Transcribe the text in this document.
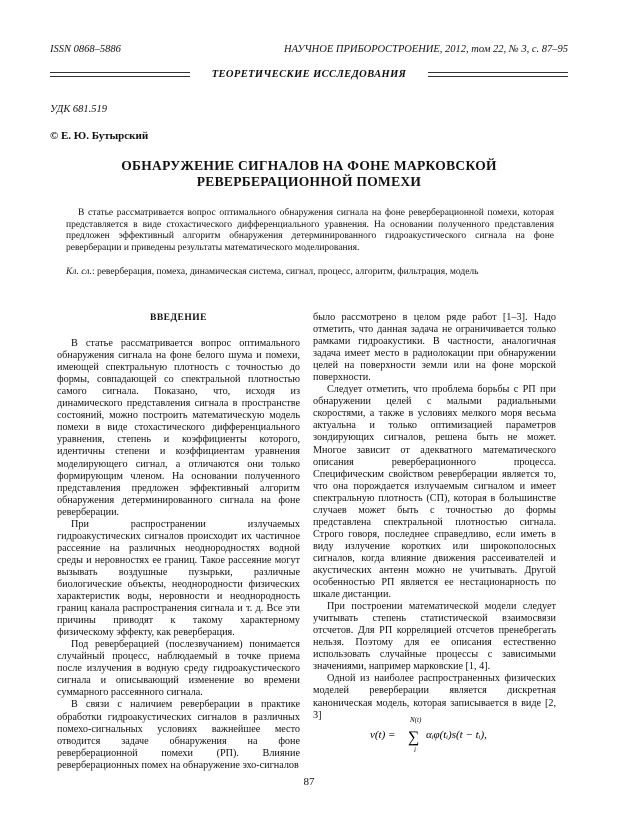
ISSN 0868–5886	НАУЧНОЕ ПРИБОРОСТРОЕНИЕ, 2012, том 22, № 3, c. 87–95
ТЕОРЕТИЧЕСКИЕ ИССЛЕДОВАНИЯ
УДК 681.519
© Е. Ю. Бутырский
ОБНАРУЖЕНИЕ СИГНАЛОВ НА ФОНЕ МАРКОВСКОЙ РЕВЕРБЕРАЦИОННОЙ ПОМЕХИ
В статье рассматривается вопрос оптимального обнаружения сигнала на фоне реверберационной помехи, которая представляется в виде стохастического дифференциального уравнения. На основании полученного представления предложен эффективный алгоритм обнаружения детерминированного гидроакустического сигнала на фоне реверберации и приведены результаты математического моделирования.
Кл. сл.: реверберация, помеха, динамическая система, сигнал, процесс, алгоритм, фильтрация, модель

ВВЕДЕНИЕ

В статье рассматривается вопрос оптимального обнаружения сигнала на фоне белого шума и помехи, имеющей спектральную плотность с точностью до формы, совпадающей со спектральной плотностью самого сигнала. Показано, что, исходя из динамического представления сигнала в пространстве состояний, можно построить математическую модель помехи в виде стохастического дифференциального уравнения, степень и коэффициенты которого, идентичны степени и коэффициентам уравнения моделирующего сигнал, а отличаются они только формирующим членом. На основании полученного представления предложен эффективный алгоритм обнаружения детерминированного сигнала на фоне реверберации.

При распространении излучаемых гидроакустических сигналов происходит их частичное рассеяние на различных неоднородностях водной среды и неровностях ее границ. Такое рассеяние могут вызывать воздушные пузырьки, различные биологические объекты, неоднородности физических характеристик воды, неровности и неоднородность границ канала распространения сигнала и т. д. Все эти причины приводят к такому характерному физическому эффекту, как реверберация.

Под реверберацией (послезвучанием) понимается случайный процесс, наблюдаемый в точке приема после излучения в водную среду гидроакустического сигнала и описывающий изменение во времени суммарного рассеянного сигнала.

В связи с наличием реверберации в практике обработки гидроакустических сигналов в различных помехо-сигнальных условиях важнейшее место отводится задаче обнаружения на фоне реверберационной помехи (РП). Влияние реверберационных помех на обнаружение эхо-сигналов

было рассмотрено в целом ряде работ [1–3]. Надо отметить, что данная задача не ограничивается только рамками гидроакустики. В частности, аналогичная задача имеет место в радиолокации при обнаружении целей на поверхности земли или на фоне морской поверхности.

Следует отметить, что проблема борьбы с РП при обнаружении целей с малыми радиальными скоростями, а также в условиях мелкого моря весьма актуальна и только оптимизацией параметров зондирующих сигналов, решена быть не может. Многое зависит от адекватного математического описания реверберационного процесса. Специфическим свойством реверберации является то, что она порождается излучаемым сигналом и имеет спектральную плотность (СП), которая в большинстве случаев может быть с точностью до формы представлена спектральной плотностью сигнала. Строго говоря, последнее справедливо, если иметь в виду излучение коротких или широкополосных сигналов, когда влияние движения рассеивателей и акустических антенн можно не учитывать. Другой особенностью РП является ее нестационарность по шкале дистанции.

При построении математической модели следует учитывать степень статистической взаимосвязи отсчетов. Для РП корреляцией отсчетов пренебрегать нельзя. Поэтому для ее описания естественно использовать случайные процессы с зависимыми значениями, например марковские [1, 4].

Одной из наиболее распространенных физических моделей реверберации является дискретная каноническая модель, которая записывается в виде [2, 3]

ν(t) =
N(t)
∑
i
αᵢφ(tᵢ)s(t − tᵢ),
87
